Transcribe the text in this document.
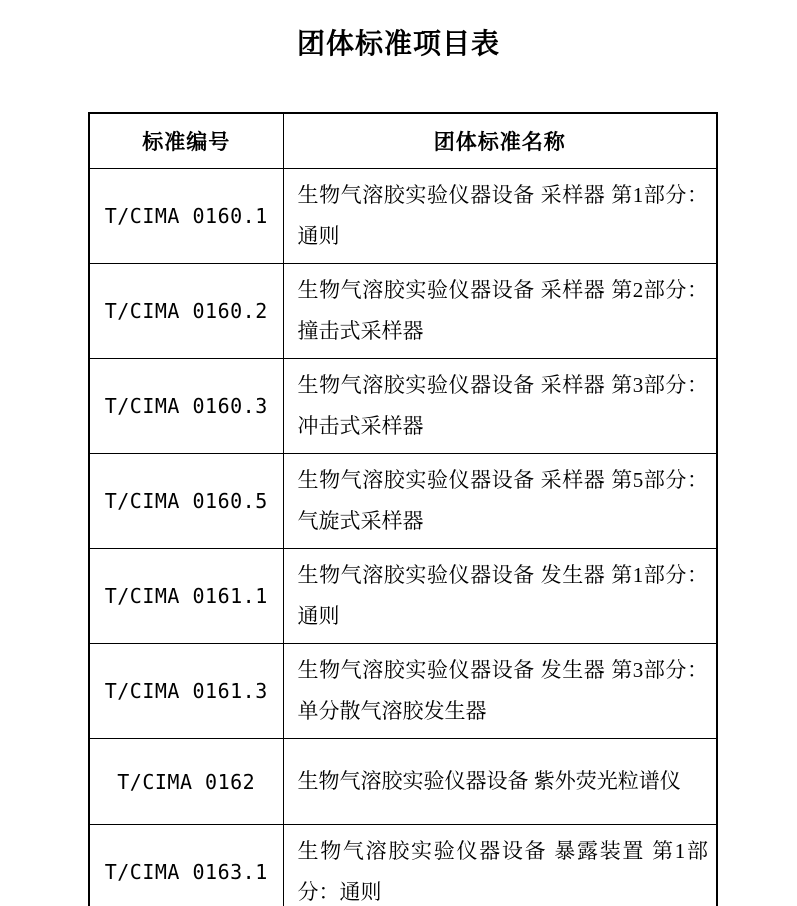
团体标准项目表
标准编号	团体标准名称
T/CIMA 0160.1	生物气溶胶实验仪器设备 采样器 第1部分：通则
T/CIMA 0160.2	生物气溶胶实验仪器设备 采样器 第2部分：撞击式采样器
T/CIMA 0160.3	生物气溶胶实验仪器设备 采样器 第3部分：冲击式采样器
T/CIMA 0160.5	生物气溶胶实验仪器设备 采样器 第5部分：气旋式采样器
T/CIMA 0161.1	生物气溶胶实验仪器设备 发生器 第1部分：通则
T/CIMA 0161.3	生物气溶胶实验仪器设备 发生器 第3部分：单分散气溶胶发生器
T/CIMA 0162	生物气溶胶实验仪器设备 紫外荧光粒谱仪
T/CIMA 0163.1	生物气溶胶实验仪器设备 暴露装置 第1部分：通则
